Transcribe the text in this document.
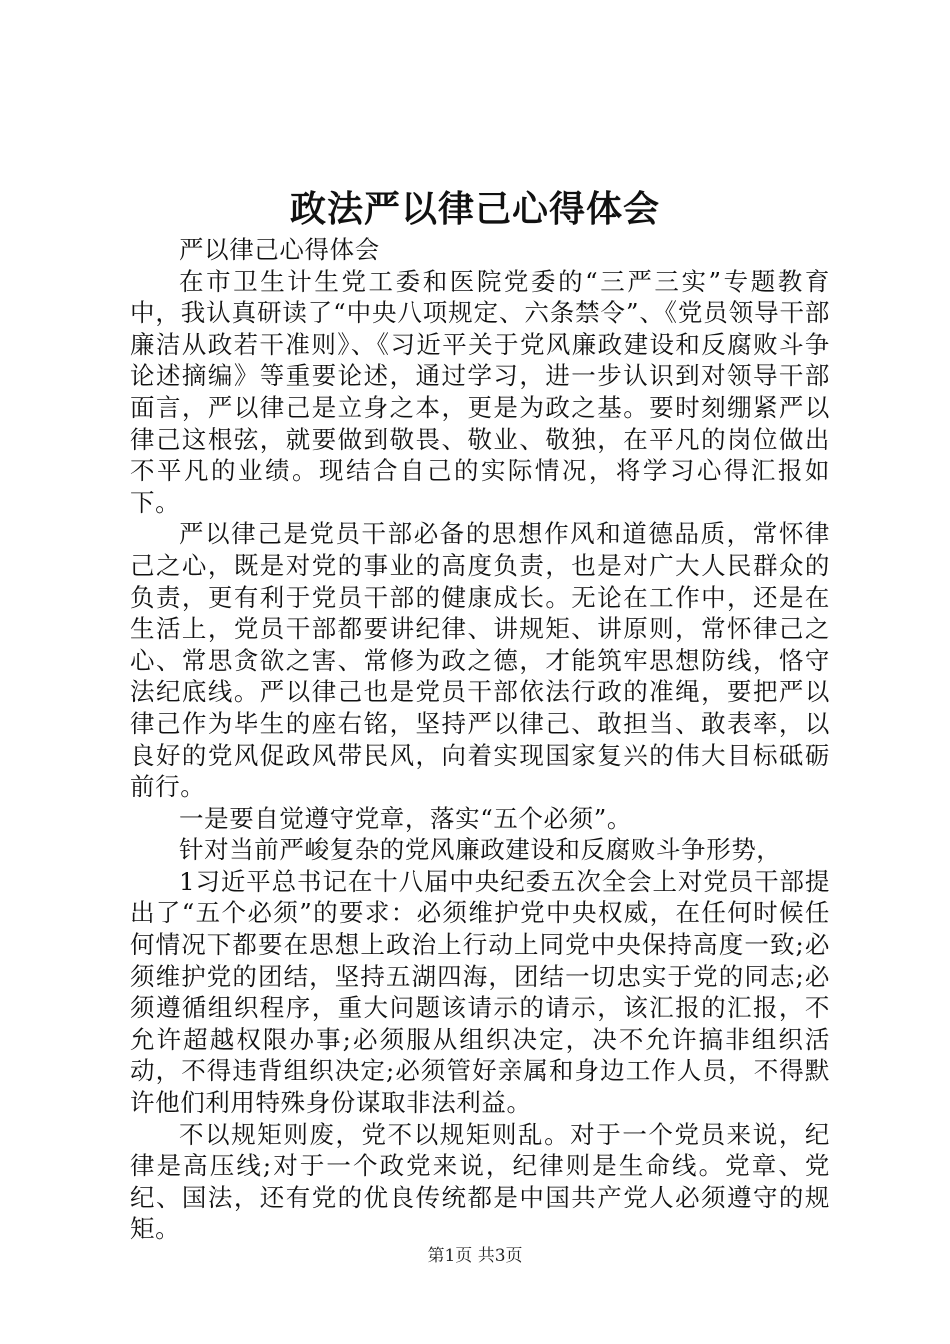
政法严以律己心得体会

严以律己心得体会

在市卫生计生党工委和医院党委的“三严三实”专题教育中，我认真研读了“中央八项规定、六条禁令”、《党员领导干部廉洁从政若干准则》、《习近平关于党风廉政建设和反腐败斗争论述摘编》等重要论述，通过学习，进一步认识到对领导干部面言，严以律己是立身之本，更是为政之基。要时刻绷紧严以律己这根弦，就要做到敬畏、敬业、敬独，在平凡的岗位做出不平凡的业绩。现结合自己的实际情况，将学习心得汇报如下。

严以律己是党员干部必备的思想作风和道德品质，常怀律己之心，既是对党的事业的高度负责，也是对广大人民群众的负责，更有利于党员干部的健康成长。无论在工作中，还是在生活上，党员干部都要讲纪律、讲规矩、讲原则，常怀律己之心、常思贪欲之害、常修为政之德，才能筑牢思想防线，恪守法纪底线。严以律己也是党员干部依法行政的准绳，要把严以律己作为毕生的座右铭，坚持严以律己、敢担当、敢表率，以良好的党风促政风带民风，向着实现国家复兴的伟大目标砥砺前行。

一是要自觉遵守党章，落实“五个必须”。

针对当前严峻复杂的党风廉政建设和反腐败斗争形势，

1习近平总书记在十八届中央纪委五次全会上对党员干部提出了“五个必须”的要求：必须维护党中央权威，在任何时候任何情况下都要在思想上政治上行动上同党中央保持高度一致;必须维护党的团结，坚持五湖四海，团结一切忠实于党的同志;必须遵循组织程序，重大问题该请示的请示，该汇报的汇报，不允许超越权限办事;必须服从组织决定，决不允许搞非组织活动，不得违背组织决定;必须管好亲属和身边工作人员，不得默许他们利用特殊身份谋取非法利益。

不以规矩则废，党不以规矩则乱。对于一个党员来说，纪律是高压线;对于一个政党来说，纪律则是生命线。党章、党纪、国法，还有党的优良传统都是中国共产党人必须遵守的规矩。

第1页 共3页
